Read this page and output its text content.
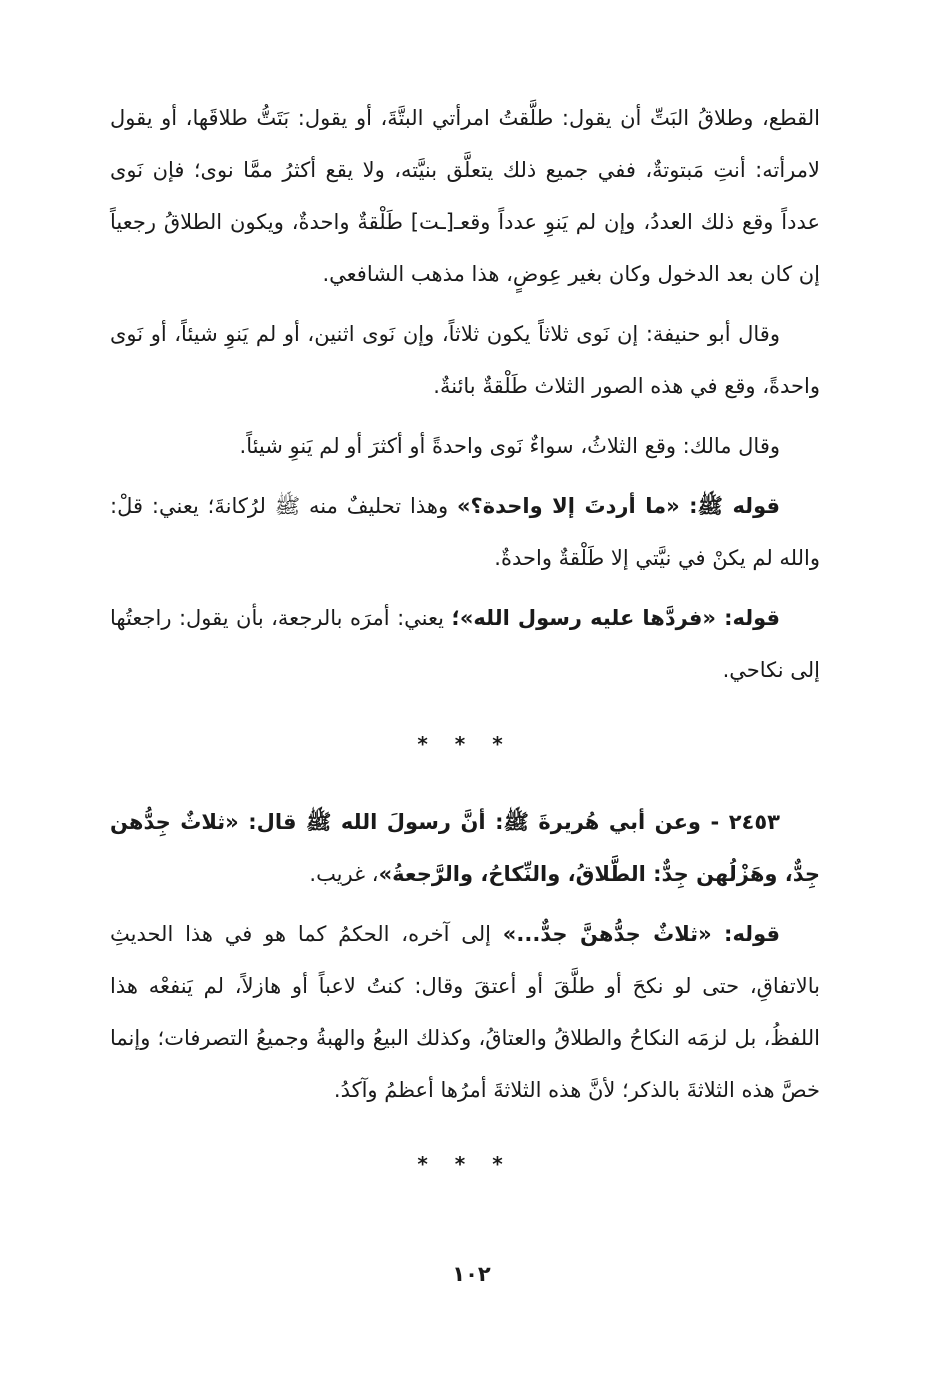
القطع، وطلاقُ البَتِّ أن يقول: طلَّقتُ امرأتي البتَّةَ، أو يقول: بَتَتُّ طلاقَها، أو يقول لامرأته: أنتِ مَبتوتةٌ، ففي جميع ذلك يتعلَّق بنيَّته، ولا يقع أكثرُ ممَّا نوى؛ فإن نَوى عدداً وقع ذلك العددُ، وإن لم يَنوِ عدداً وقعـ[ـت] طَلْقةٌ واحدةٌ، ويكون الطلاقُ رجعياً إن كان بعد الدخول وكان بغير عِوضٍ، هذا مذهب الشافعي.

وقال أبو حنيفة: إن نَوى ثلاثاً يكون ثلاثاً، وإن نَوى اثنين، أو لم يَنوِ شيئاً، أو نَوى واحدةً، وقع في هذه الصور الثلاث طَلْقةٌ بائنةٌ.

وقال مالك: وقع الثلاثُ، سواءٌ نَوى واحدةً أو أكثرَ أو لم يَنوِ شيئاً.

قوله ﷺ: «ما أردتَ إلا واحدة؟» وهذا تحليفٌ منه ﷺ لرُكانةَ؛ يعني: قلْ: والله لم يكنْ في نيَّتي إلا طَلْقةٌ واحدةٌ.

قوله: «فردَّها عليه رسول الله»؛ يعني: أمرَه بالرجعة، بأن يقول: راجعتُها إلى نكاحي.

* * *

٢٤٥٣ - وعن أبي هُريرةَ ﷺ: أنَّ رسولَ الله ﷺ قال: «ثلاثٌ جِدُّهن جِدٌّ، وهَزْلُهن جِدٌّ: الطَّلاقُ، والنِّكاحُ، والرَّجعةُ»، غريب.

قوله: «ثلاثٌ جدُّهنَّ جدٌّ...» إلى آخره، الحكمُ كما هو في هذا الحديثِ بالاتفاقِ، حتى لو نكحَ أو طلَّقَ أو أعتقَ وقال: كنتُ لاعباً أو هازلاً، لم يَنفعْه هذا اللفظُ، بل لزمَه النكاحُ والطلاقُ والعتاقُ، وكذلك البيعُ والهبةُ وجميعُ التصرفات؛ وإنما خصَّ هذه الثلاثةَ بالذكر؛ لأنَّ هذه الثلاثةَ أمرُها أعظمُ وآكدُ.

* * *
١٠٢
